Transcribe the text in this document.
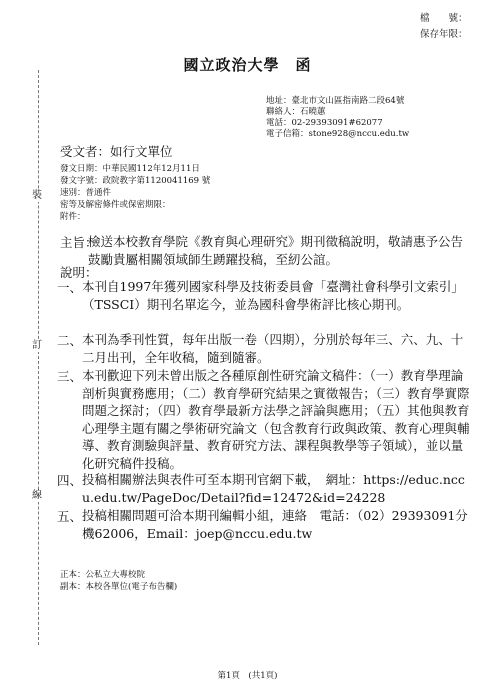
裝
訂
線
檔　　號：
保存年限：
國立政治大學　函
地址：臺北市文山區指南路二段64號
聯絡人：石曉蕙
電話：02-29393091#62077
電子信箱：stone928@nccu.edu.tw
受文者：如行文單位
發文日期：中華民國112年12月11日
發文字號：政院教字第1120041169 號
速別：普通件
密等及解密條件或保密期限：
附件：
主旨：
檢送本校教育學院《教育與心理研究》期刊徵稿說明，敬請惠予公告鼓勵貴屬相關領域師生踴躍投稿，至紉公誼。
說明：
一、 本刊自1997年獲列國家科學及技術委員會「臺灣社會科學引文索引」（TSSCI）期刊名單迄今，並為國科會學術評比核心期刊。
二、 本刊為季刊性質，每年出版一卷（四期），分別於每年三、六、九、十二月出刊，全年收稿，隨到隨審。
三、 本刊歡迎下列未曾出版之各種原創性研究論文稿件：（一）教育學理論剖析與實務應用；（二）教育學研究結果之實徵報告；（三）教育學實際問題之探討；（四）教育學最新方法學之評論與應用；（五）其他與教育心理學主題有關之學術研究論文（包含教育行政與政策、教育心理與輔導、教育測驗與評量、教育研究方法、課程與教學等子領域），並以量化研究稿件投稿。
四、 投稿相關辦法與表件可至本期刊官網下載，　網址：https://educ.nccu.edu.tw/PageDoc/Detail?fid=12472&id=24228
五、 投稿相關問題可洽本期刊編輯小組，連絡　電話：（02）29393091分機62006，Email：joep@nccu.edu.tw
正本：公私立大專校院
副本：本校各單位(電子布告欄)
第1頁　(共1頁)
